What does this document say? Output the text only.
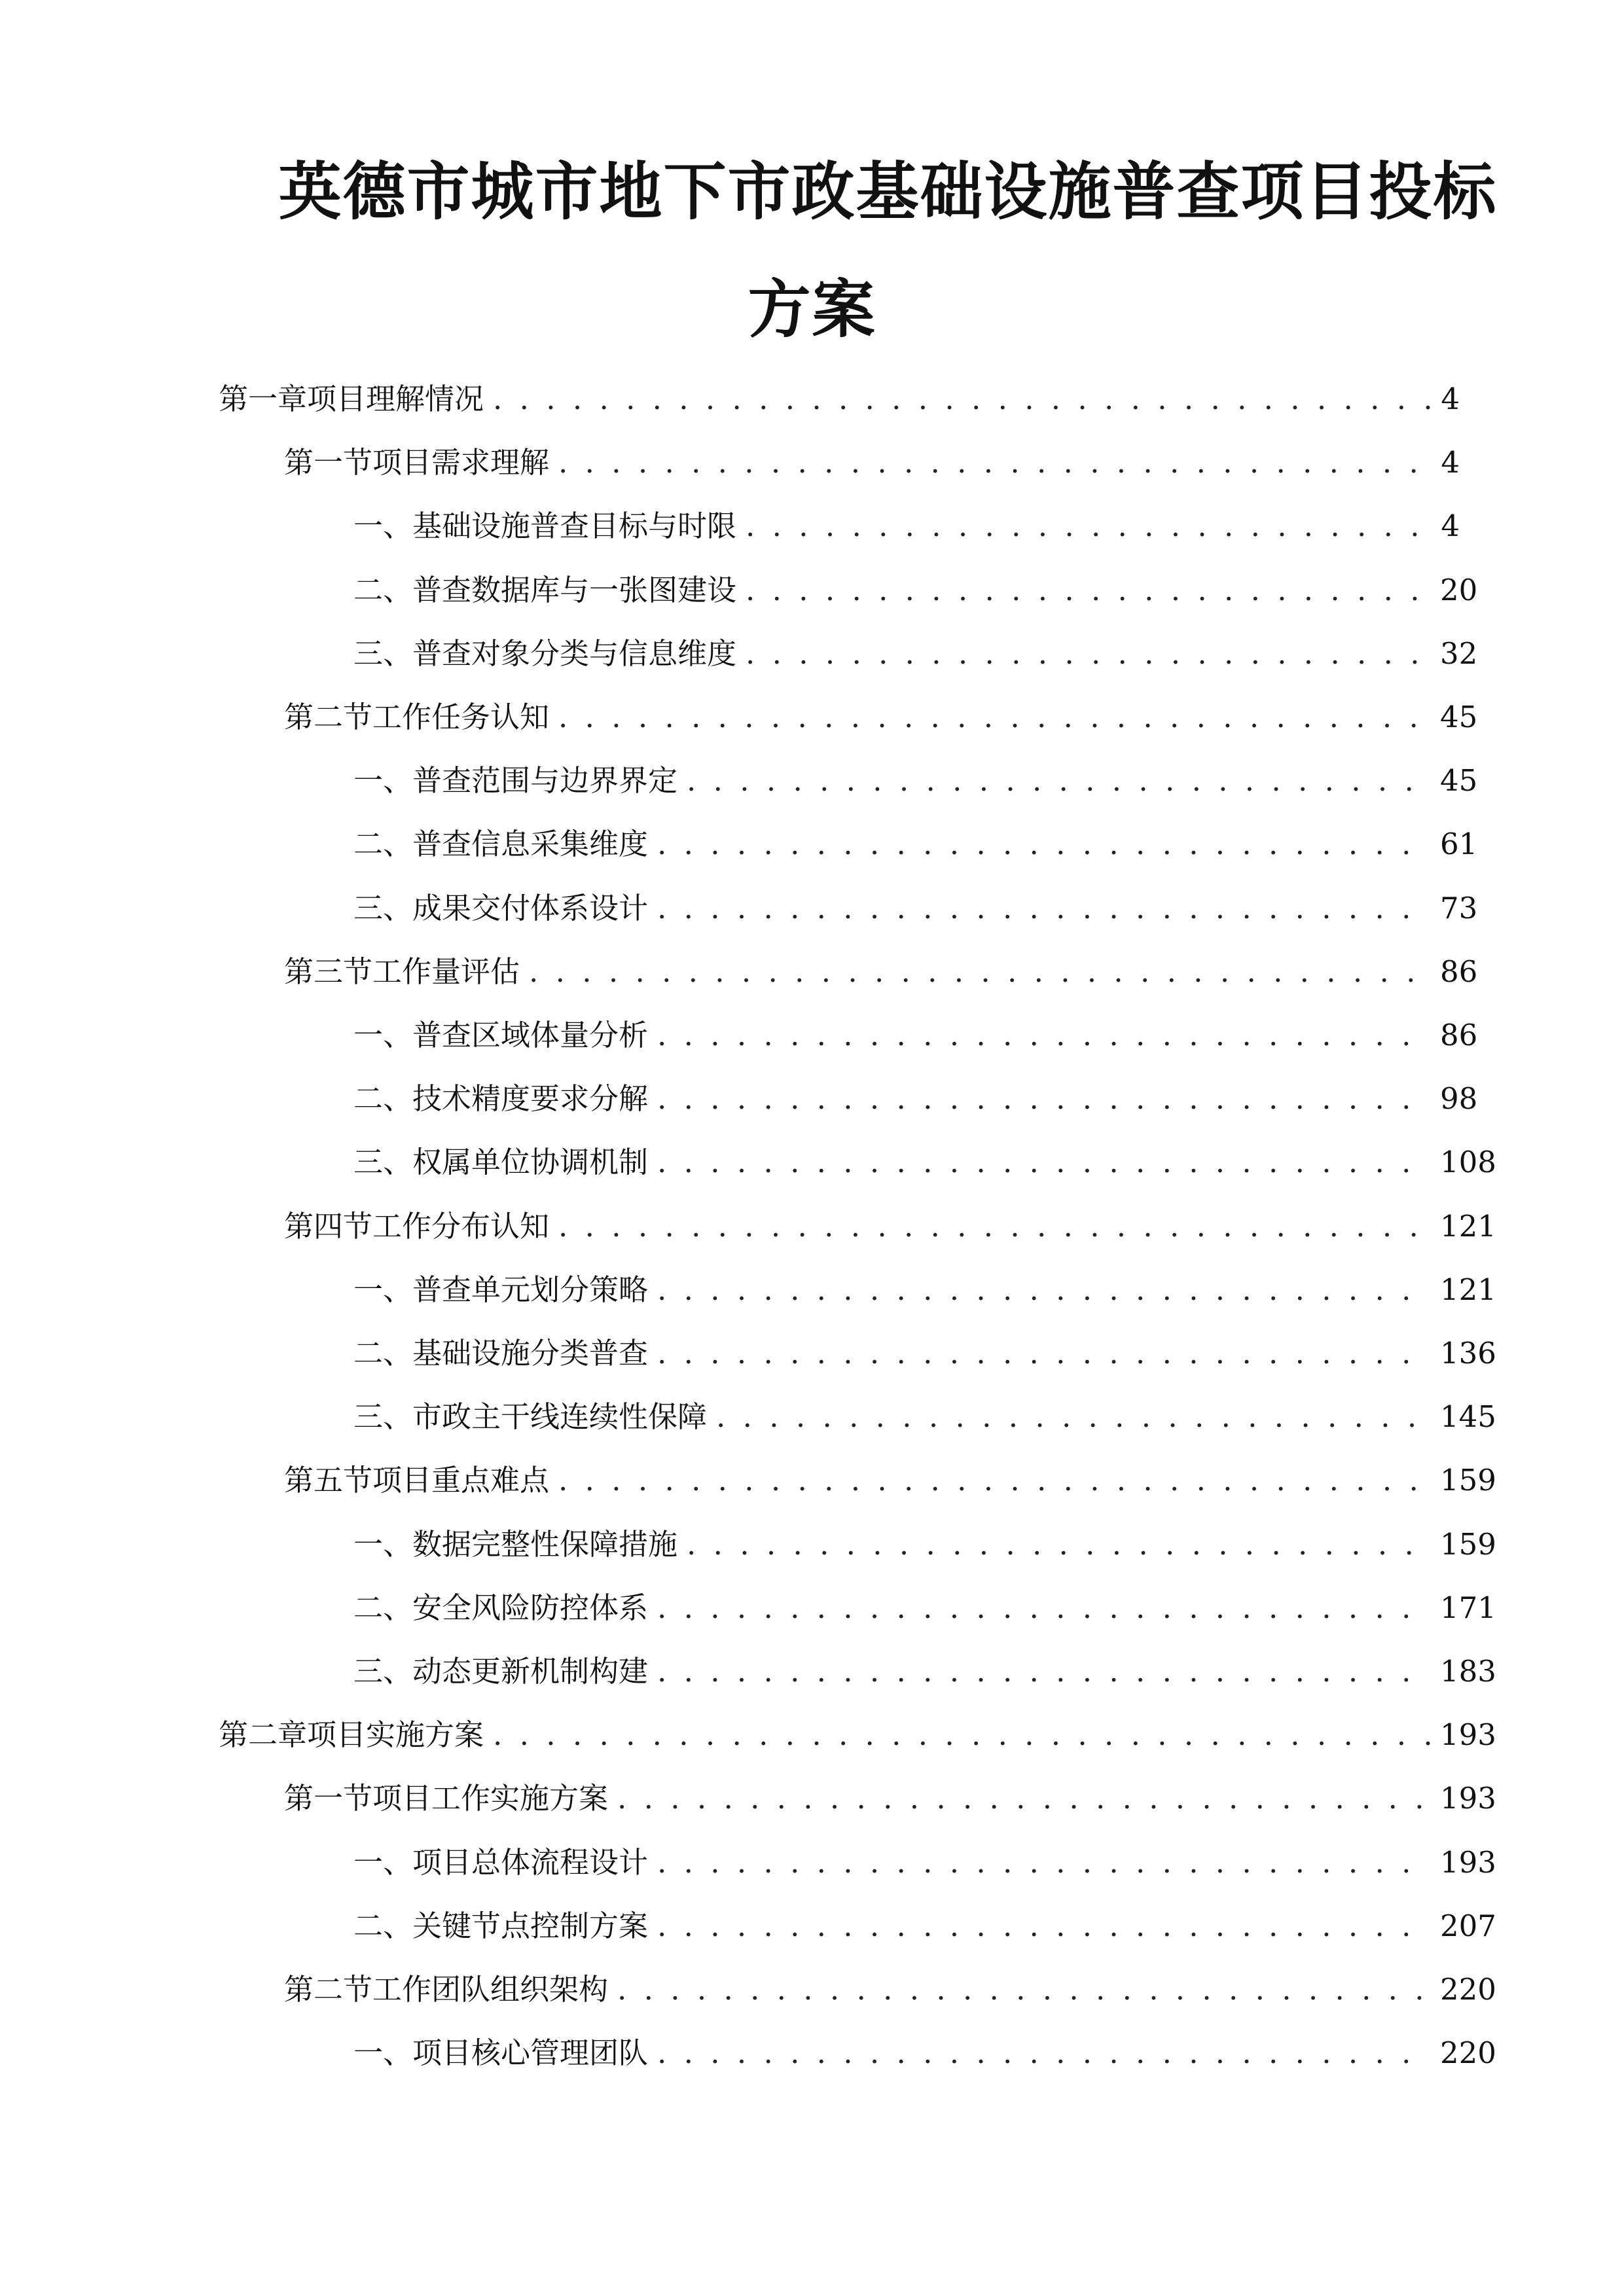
英德市城市地下市政基础设施普查项目投标
方案
第一章 项目理解情况 . . .	4
第一节 项目需求理解 . . .	4
一、 基础设施普查目标与时限 . . .	4
二、 普查数据库与一张图建设 . . .	20
三、 普查对象分类与信息维度 . . .	32
第二节 工作任务认知 . . .	45
一、 普查范围与边界界定 . . .	45
二、 普查信息采集维度 . . .	61
三、 成果交付体系设计 . . .	73
第三节 工作量评估 . . .	86
一、 普查区域体量分析 . . .	86
二、 技术精度要求分解 . . .	98
三、 权属单位协调机制 . . .	108
第四节 工作分布认知 . . .	121
一、 普查单元划分策略 . . .	121
二、 基础设施分类普查 . . .	136
三、 市政主干线连续性保障 . . .	145
第五节 项目重点难点 . . .	159
一、 数据完整性保障措施 . . .	159
二、 安全风险防控体系 . . .	171
三、 动态更新机制构建 . . .	183
第二章 项目实施方案 . . .	193
第一节 项目工作实施方案 . . .	193
一、 项目总体流程设计 . . .	193
二、 关键节点控制方案 . . .	207
第二节 工作团队组织架构 . . .	220
一、 项目核心管理团队 . . .	220
